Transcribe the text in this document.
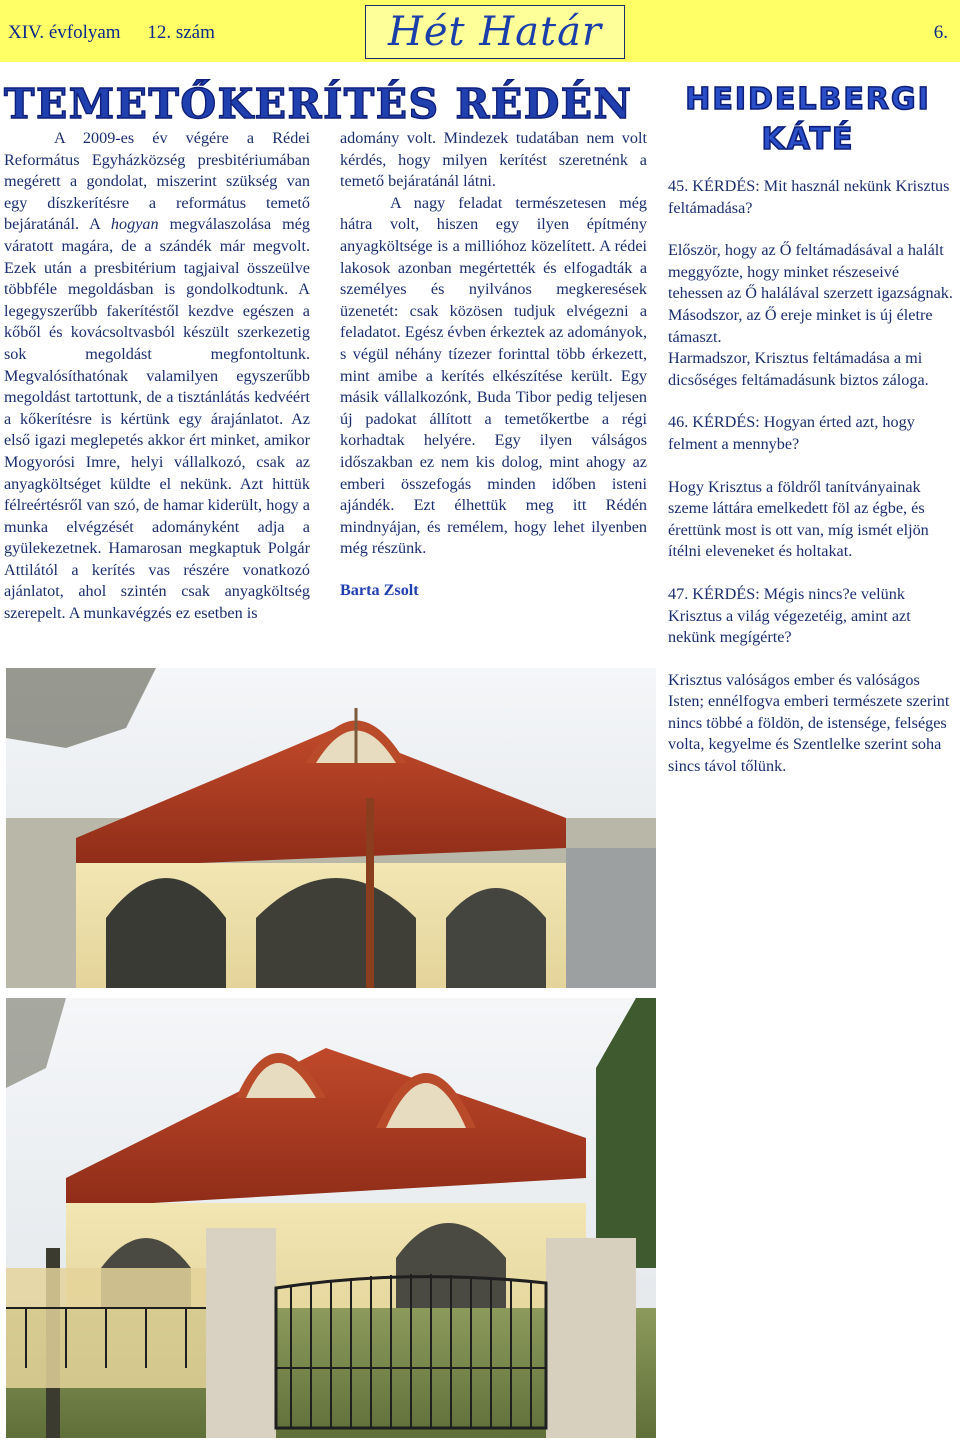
XIV. évfolyam 12. szám	Hét Határ	6.
TEMETŐKERÍTÉS RÉDÉN

A 2009-es év végére a Rédei Református Egyházközség presbitériumában megérett a gondolat, miszerint szükség van egy díszkerítésre a református temető bejáratánál. A hogyan megválaszolása még váratott magára, de a szándék már megvolt. Ezek után a presbitérium tagjaival összeülve többféle megoldásban is gondolkodtunk. A legegyszerűbb fakerítéstől kezdve egészen a kőből és kovácsoltvasból készült szerkezetig sok megoldást megfontoltunk. Megvalósíthatónak valamilyen egyszerűbb megoldást tartottunk, de a tisztánlátás kedvéért a kőkerítésre is kértünk egy árajánlatot. Az első igazi meglepetés akkor ért minket, amikor Mogyorósi Imre, helyi vállalkozó, csak az anyagköltséget küldte el nekünk. Azt hittük félreértésről van szó, de hamar kiderült, hogy a munka elvégzését adományként adja a gyülekezetnek. Hamarosan megkaptuk Polgár Attilától a kerítés vas részére vonatkozó ajánlatot, ahol szintén csak anyagköltség szerepelt. A munkavégzés ez esetben is

adomány volt. Mindezek tudatában nem volt kérdés, hogy milyen kerítést szeretnénk a temető bejáratánál látni.

A nagy feladat természetesen még hátra volt, hiszen egy ilyen építmény anyagköltsége is a millióhoz közelített. A rédei lakosok azonban megértették és elfogadták a személyes és nyilvános megkeresések üzenetét: csak közösen tudjuk elvégezni a feladatot. Egész évben érkeztek az adományok, s végül néhány tízezer forinttal több érkezett, mint amibe a kerítés elkészítése került. Egy másik vállalkozónk, Buda Tibor pedig teljesen új padokat állított a temetőkertbe a régi korhadtak helyére. Egy ilyen válságos időszakban ez nem kis dolog, mint ahogy az emberi összefogás minden időben isteni ajándék. Ezt élhettük meg itt Rédén mindnyájan, és remélem, hogy lehet ilyenben még részünk.

Barta Zsolt

HEIDELBERGI
KÁTÉ

45. KÉRDÉS: Mit használ nekünk Krisztus feltámadása?

Először, hogy az Ő feltámadásával a halált meggyőzte, hogy minket részeseivé tehessen az Ő halálával szerzett igazságnak.

Másodszor, az Ő ereje minket is új életre támaszt.

Harmadszor, Krisztus feltámadása a mi dicsőséges feltámadásunk biztos záloga.

46. KÉRDÉS: Hogyan érted azt, hogy felment a mennybe?

Hogy Krisztus a földről tanítványainak szeme láttára emelkedett föl az égbe, és érettünk most is ott van, míg ismét eljön ítélni eleveneket és holtakat.

47. KÉRDÉS: Mégis nincs?e velünk Krisztus a világ végezetéig, amint azt nekünk megígérte?

Krisztus valóságos ember és valóságos Isten; ennélfogva emberi természete szerint nincs többé a földön, de istensége, felséges volta, kegyelme és Szentlelke szerint soha sincs távol tőlünk.
